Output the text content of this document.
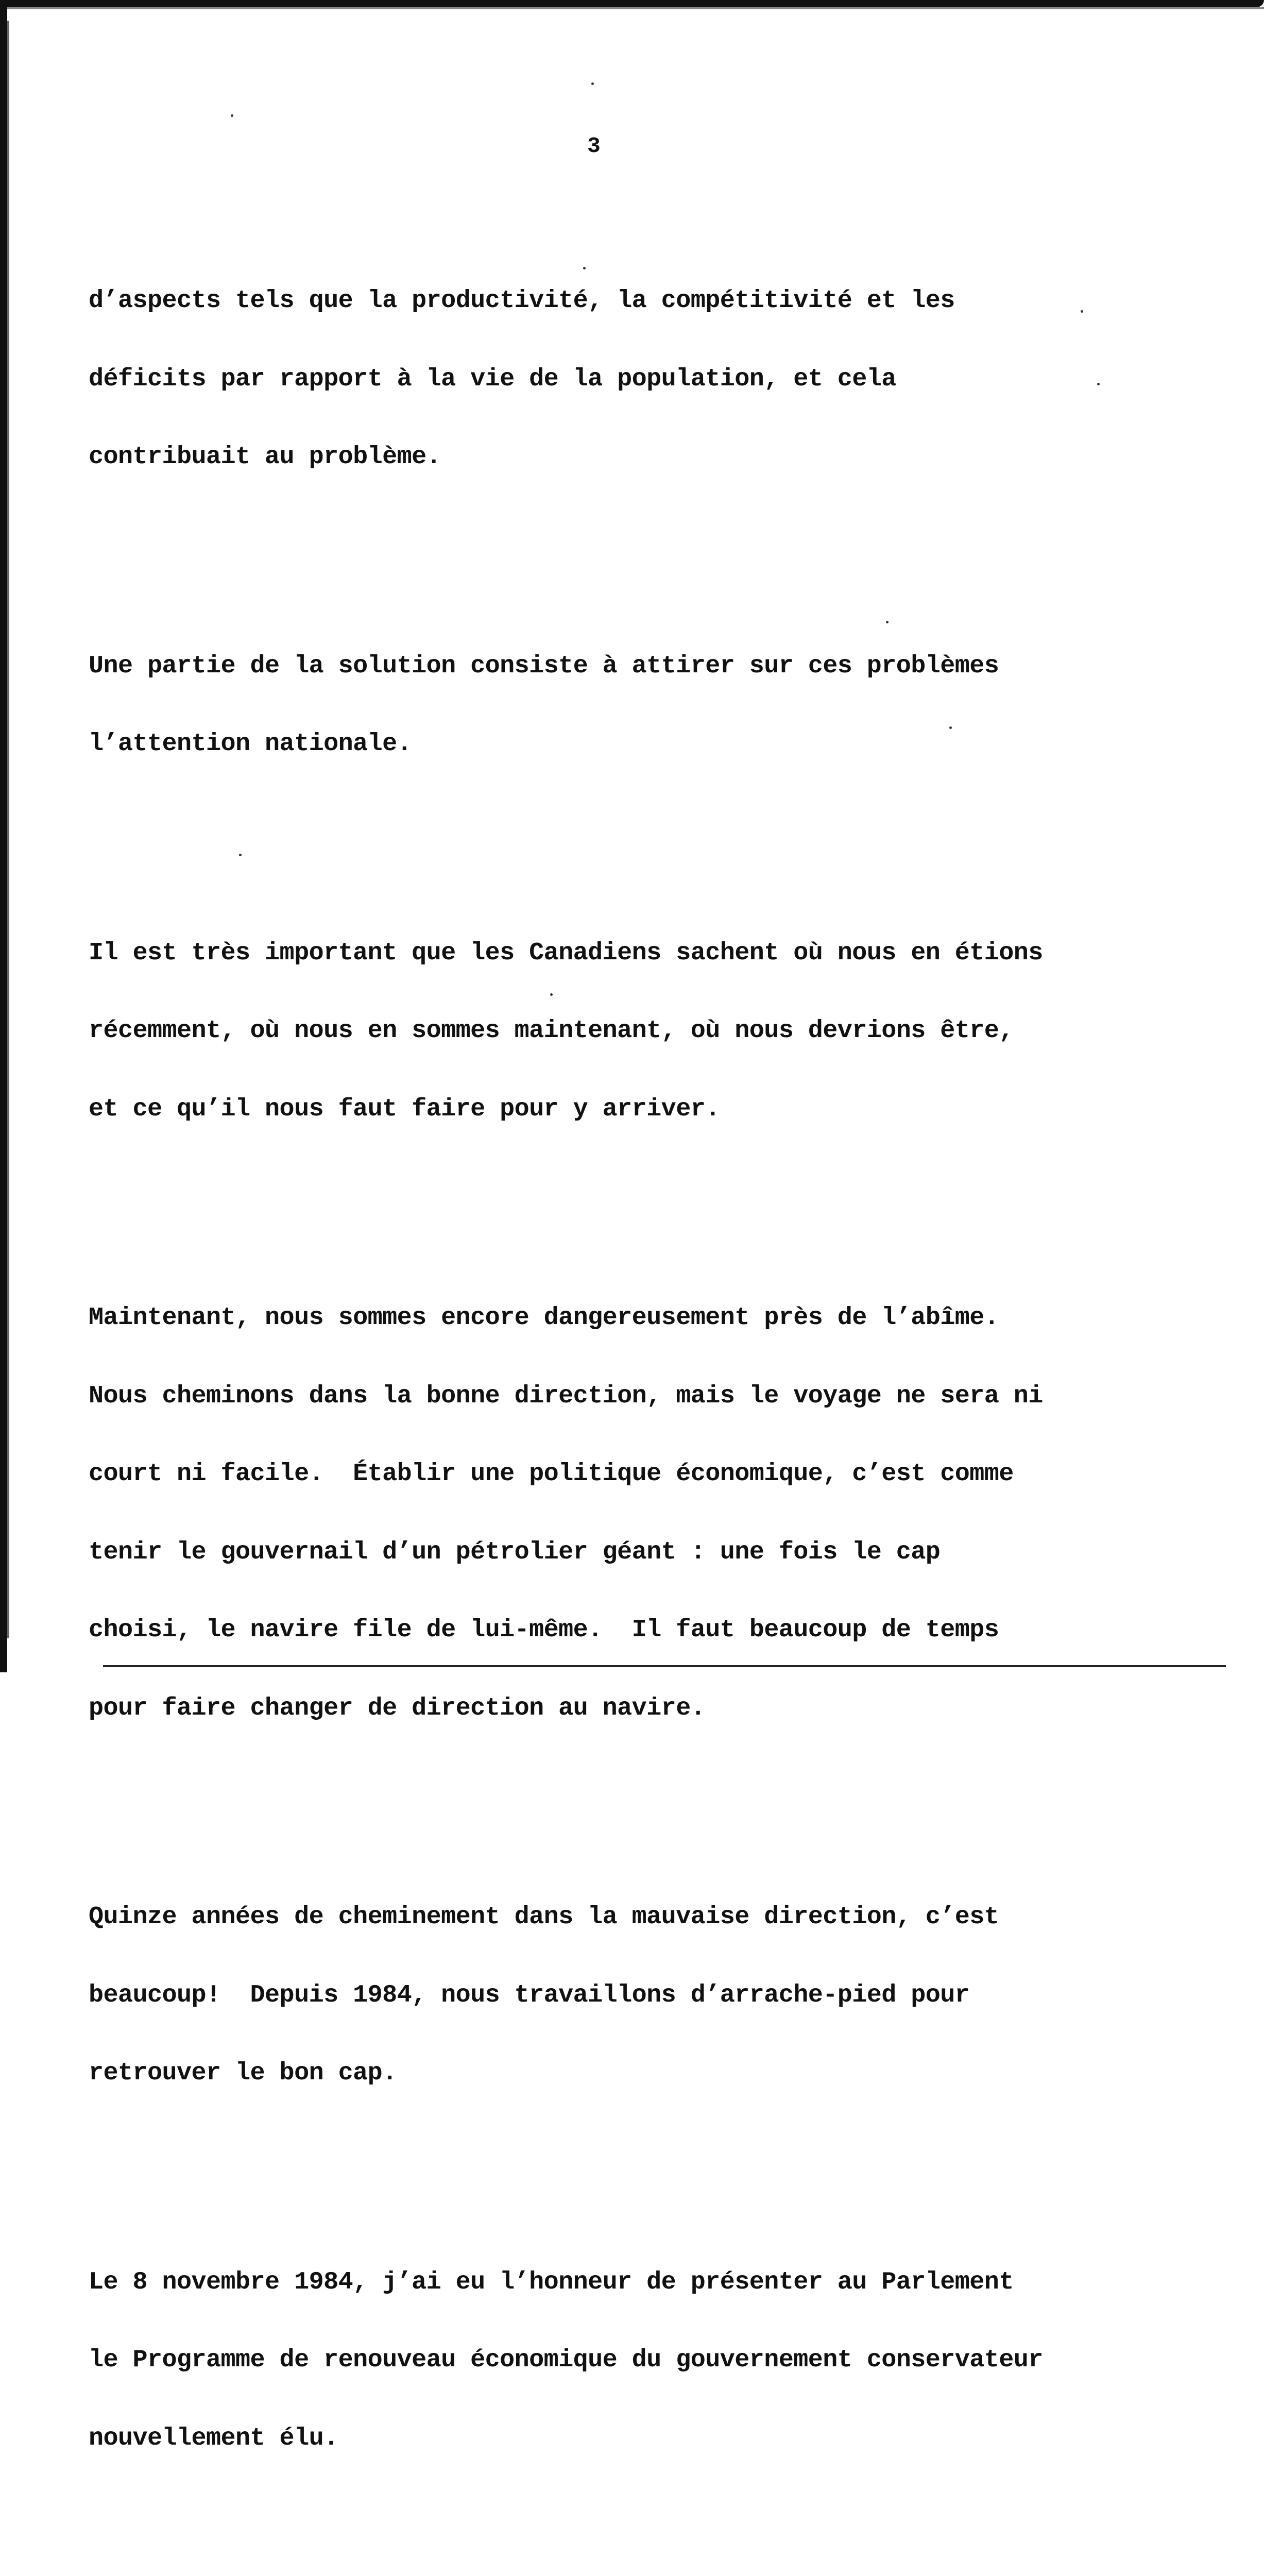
3

d’aspects tels que la productivité, la compétitivité et les

déficits par rapport à la vie de la population, et cela

contribuait au problème.

Une partie de la solution consiste à attirer sur ces problèmes

l’attention nationale.

Il est très important que les Canadiens sachent où nous en étions

récemment, où nous en sommes maintenant, où nous devrions être,

et ce qu’il nous faut faire pour y arriver.

Maintenant, nous sommes encore dangereusement près de l’abîme.

Nous cheminons dans la bonne direction, mais le voyage ne sera ni

court ni facile.  Établir une politique économique, c’est comme

tenir le gouvernail d’un pétrolier géant : une fois le cap

choisi, le navire file de lui-même.  Il faut beaucoup de temps

pour faire changer de direction au navire.

Quinze années de cheminement dans la mauvaise direction, c’est

beaucoup!  Depuis 1984, nous travaillons d’arrache-pied pour

retrouver le bon cap.

Le 8 novembre 1984, j’ai eu l’honneur de présenter au Parlement

le Programme de renouveau économique du gouvernement conservateur

nouvellement élu.
